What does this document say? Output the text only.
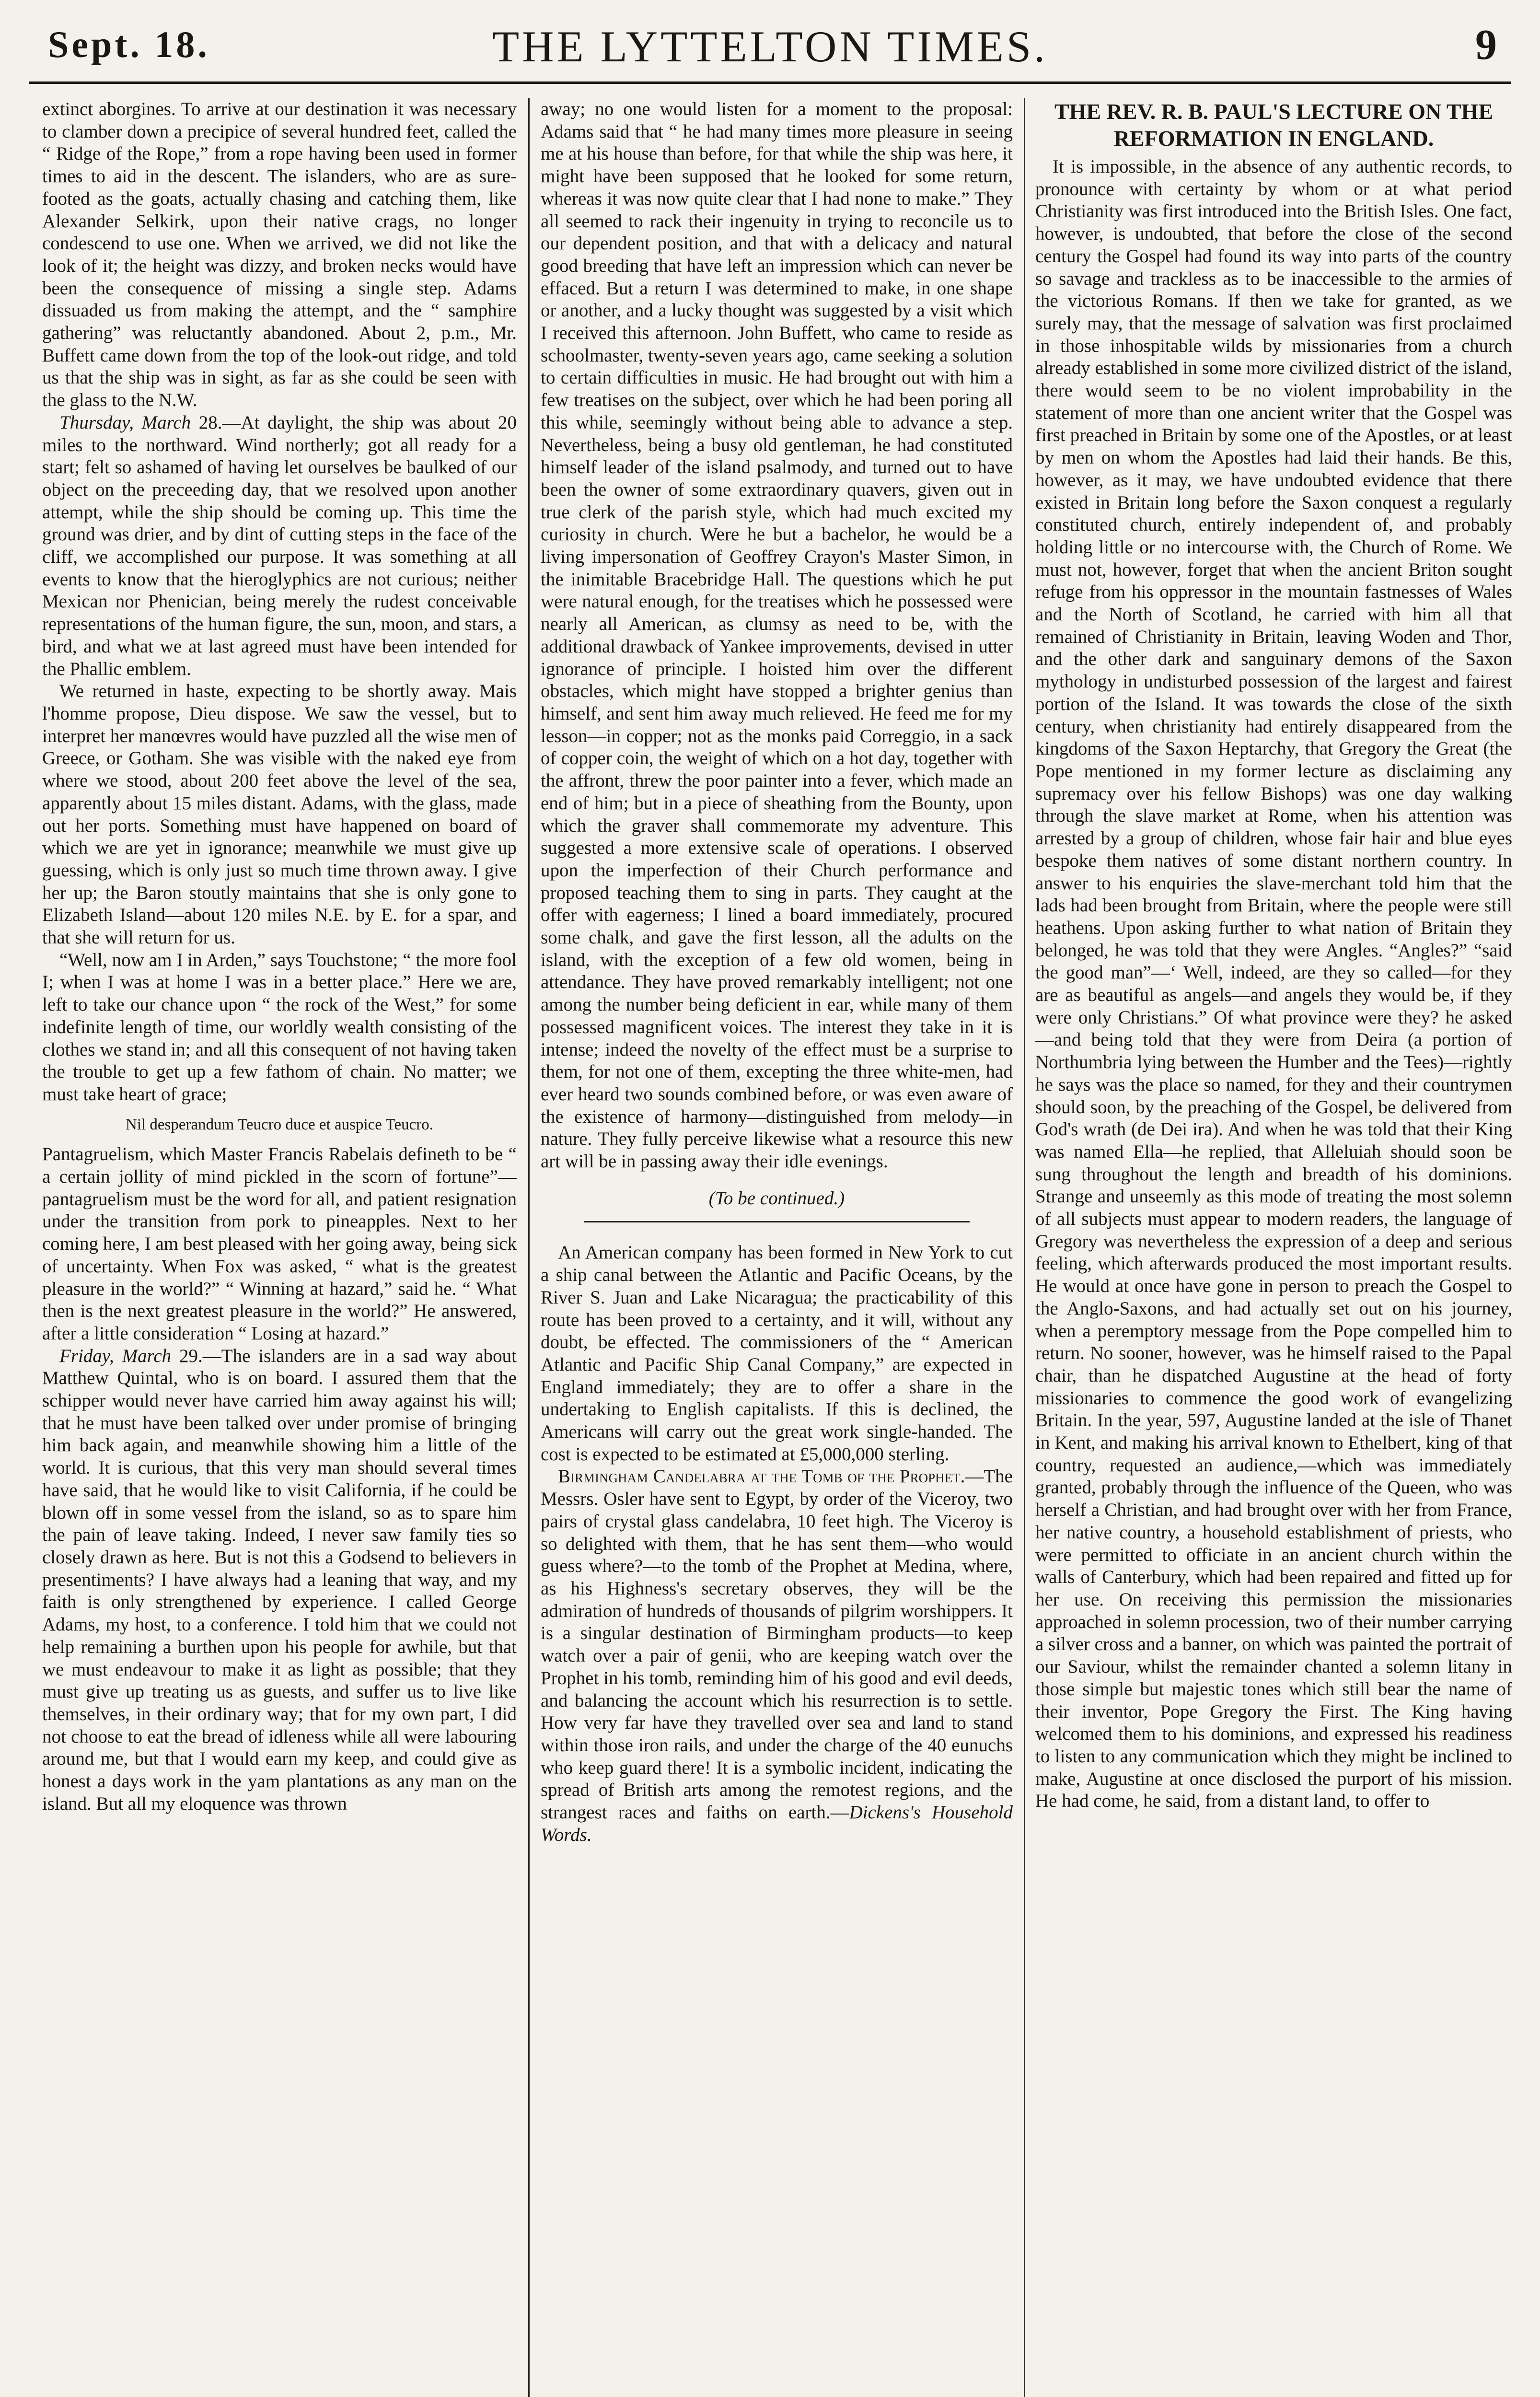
Sept. 18.	THE LYTTELTON TIMES.	9

extinct aborgines. To arrive at our destination it was necessary to clamber down a precipice of several hundred feet, called the “ Ridge of the Rope,” from a rope having been used in former times to aid in the descent. The islanders, who are as sure-footed as the goats, actually chasing and catching them, like Alexander Selkirk, upon their native crags, no longer condescend to use one. When we arrived, we did not like the look of it; the height was dizzy, and broken necks would have been the consequence of missing a single step. Adams dissuaded us from making the attempt, and the “ samphire gathering” was reluctantly abandoned. About 2, p.m., Mr. Buffett came down from the top of the look-out ridge, and told us that the ship was in sight, as far as she could be seen with the glass to the N.W.

Thursday, March 28.—At daylight, the ship was about 20 miles to the northward. Wind northerly; got all ready for a start; felt so ashamed of having let ourselves be baulked of our object on the preceeding day, that we resolved upon another attempt, while the ship should be coming up. This time the ground was drier, and by dint of cutting steps in the face of the cliff, we accomplished our purpose. It was something at all events to know that the hieroglyphics are not curious; neither Mexican nor Phenician, being merely the rudest conceivable representations of the human figure, the sun, moon, and stars, a bird, and what we at last agreed must have been intended for the Phallic emblem.

We returned in haste, expecting to be shortly away. Mais l'homme propose, Dieu dispose. We saw the vessel, but to interpret her manœvres would have puzzled all the wise men of Greece, or Gotham. She was visible with the naked eye from where we stood, about 200 feet above the level of the sea, apparently about 15 miles distant. Adams, with the glass, made out her ports. Something must have happened on board of which we are yet in ignorance; meanwhile we must give up guessing, which is only just so much time thrown away. I give her up; the Baron stoutly maintains that she is only gone to Elizabeth Island—about 120 miles N.E. by E. for a spar, and that she will return for us.

“Well, now am I in Arden,” says Touchstone; “ the more fool I; when I was at home I was in a better place.” Here we are, left to take our chance upon “ the rock of the West,” for some indefinite length of time, our worldly wealth consisting of the clothes we stand in; and all this consequent of not having taken the trouble to get up a few fathom of chain. No matter; we must take heart of grace;

Nil desperandum Teucro duce et auspice Teucro.

Pantagruelism, which Master Francis Rabelais defineth to be “ a certain jollity of mind pickled in the scorn of fortune”—pantagruelism must be the word for all, and patient resignation under the transition from pork to pineapples. Next to her coming here, I am best pleased with her going away, being sick of uncertainty. When Fox was asked, “ what is the greatest pleasure in the world?” “ Winning at hazard,” said he. “ What then is the next greatest pleasure in the world?” He answered, after a little consideration “ Losing at hazard.”

Friday, March 29.—The islanders are in a sad way about Matthew Quintal, who is on board. I assured them that the schipper would never have carried him away against his will; that he must have been talked over under promise of bringing him back again, and meanwhile showing him a little of the world. It is curious, that this very man should several times have said, that he would like to visit California, if he could be blown off in some vessel from the island, so as to spare him the pain of leave taking. Indeed, I never saw family ties so closely drawn as here. But is not this a Godsend to believers in presentiments? I have always had a leaning that way, and my faith is only strengthened by experience. I called George Adams, my host, to a conference. I told him that we could not help remaining a burthen upon his people for awhile, but that we must endeavour to make it as light as possible; that they must give up treating us as guests, and suffer us to live like themselves, in their ordinary way; that for my own part, I did not choose to eat the bread of idleness while all were labouring around me, but that I would earn my keep, and could give as honest a days work in the yam plantations as any man on the island. But all my eloquence was thrown

away; no one would listen for a moment to the proposal: Adams said that “ he had many times more pleasure in seeing me at his house than before, for that while the ship was here, it might have been supposed that he looked for some return, whereas it was now quite clear that I had none to make.” They all seemed to rack their ingenuity in trying to reconcile us to our dependent position, and that with a delicacy and natural good breeding that have left an impression which can never be effaced. But a return I was determined to make, in one shape or another, and a lucky thought was suggested by a visit which I received this afternoon. John Buffett, who came to reside as schoolmaster, twenty-seven years ago, came seeking a solution to certain difficulties in music. He had brought out with him a few treatises on the subject, over which he had been poring all this while, seemingly without being able to advance a step. Nevertheless, being a busy old gentleman, he had constituted himself leader of the island psalmody, and turned out to have been the owner of some extraordinary quavers, given out in true clerk of the parish style, which had much excited my curiosity in church. Were he but a bachelor, he would be a living impersonation of Geoffrey Crayon's Master Simon, in the inimitable Bracebridge Hall. The questions which he put were natural enough, for the treatises which he possessed were nearly all American, as clumsy as need to be, with the additional drawback of Yankee improvements, devised in utter ignorance of principle. I hoisted him over the different obstacles, which might have stopped a brighter genius than himself, and sent him away much relieved. He feed me for my lesson—in copper; not as the monks paid Correggio, in a sack of copper coin, the weight of which on a hot day, together with the affront, threw the poor painter into a fever, which made an end of him; but in a piece of sheathing from the Bounty, upon which the graver shall commemorate my adventure. This suggested a more extensive scale of operations. I observed upon the imperfection of their Church performance and proposed teaching them to sing in parts. They caught at the offer with eagerness; I lined a board immediately, procured some chalk, and gave the first lesson, all the adults on the island, with the exception of a few old women, being in attendance. They have proved remarkably intelligent; not one among the number being deficient in ear, while many of them possessed magnificent voices. The interest they take in it is intense; indeed the novelty of the effect must be a surprise to them, for not one of them, excepting the three white-men, had ever heard two sounds combined before, or was even aware of the existence of harmony—distinguished from melody—in nature. They fully perceive likewise what a resource this new art will be in passing away their idle evenings.

(To be continued.)

An American company has been formed in New York to cut a ship canal between the Atlantic and Pacific Oceans, by the River S. Juan and Lake Nicaragua; the practicability of this route has been proved to a certainty, and it will, without any doubt, be effected. The commissioners of the “ American Atlantic and Pacific Ship Canal Company,” are expected in England immediately; they are to offer a share in the undertaking to English capitalists. If this is declined, the Americans will carry out the great work single-handed. The cost is expected to be estimated at £5,000,000 sterling.

Birmingham Candelabra at the Tomb of the Prophet.—The Messrs. Osler have sent to Egypt, by order of the Viceroy, two pairs of crystal glass candelabra, 10 feet high. The Viceroy is so delighted with them, that he has sent them—who would guess where?—to the tomb of the Prophet at Medina, where, as his Highness's secretary observes, they will be the admiration of hundreds of thousands of pilgrim worshippers. It is a singular destination of Birmingham products—to keep watch over a pair of genii, who are keeping watch over the Prophet in his tomb, reminding him of his good and evil deeds, and balancing the account which his resurrection is to settle. How very far have they travelled over sea and land to stand within those iron rails, and under the charge of the 40 eunuchs who keep guard there! It is a symbolic incident, indicating the spread of British arts among the remotest regions, and the strangest races and faiths on earth.—Dickens's Household Words.

THE REV. R. B. PAUL'S LECTURE ON THE REFORMATION IN ENGLAND.

It is impossible, in the absence of any authentic records, to pronounce with certainty by whom or at what period Christianity was first introduced into the British Isles. One fact, however, is undoubted, that before the close of the second century the Gospel had found its way into parts of the country so savage and trackless as to be inaccessible to the armies of the victorious Romans. If then we take for granted, as we surely may, that the message of salvation was first proclaimed in those inhospitable wilds by missionaries from a church already established in some more civilized district of the island, there would seem to be no violent improbability in the statement of more than one ancient writer that the Gospel was first preached in Britain by some one of the Apostles, or at least by men on whom the Apostles had laid their hands. Be this, however, as it may, we have undoubted evidence that there existed in Britain long before the Saxon conquest a regularly constituted church, entirely independent of, and probably holding little or no intercourse with, the Church of Rome. We must not, however, forget that when the ancient Briton sought refuge from his oppressor in the mountain fastnesses of Wales and the North of Scotland, he carried with him all that remained of Christianity in Britain, leaving Woden and Thor, and the other dark and sanguinary demons of the Saxon mythology in undisturbed possession of the largest and fairest portion of the Island. It was towards the close of the sixth century, when christianity had entirely disappeared from the kingdoms of the Saxon Heptarchy, that Gregory the Great (the Pope mentioned in my former lecture as disclaiming any supremacy over his fellow Bishops) was one day walking through the slave market at Rome, when his attention was arrested by a group of children, whose fair hair and blue eyes bespoke them natives of some distant northern country. In answer to his enquiries the slave-merchant told him that the lads had been brought from Britain, where the people were still heathens. Upon asking further to what nation of Britain they belonged, he was told that they were Angles. “Angles?” “said the good man”—‘ Well, indeed, are they so called—for they are as beautiful as angels—and angels they would be, if they were only Christians.” Of what province were they? he asked—and being told that they were from Deira (a portion of Northumbria lying between the Humber and the Tees)—rightly he says was the place so named, for they and their countrymen should soon, by the preaching of the Gospel, be delivered from God's wrath (de Dei ira). And when he was told that their King was named Ella—he replied, that Alleluiah should soon be sung throughout the length and breadth of his dominions. Strange and unseemly as this mode of treating the most solemn of all subjects must appear to modern readers, the language of Gregory was nevertheless the expression of a deep and serious feeling, which afterwards produced the most important results. He would at once have gone in person to preach the Gospel to the Anglo-Saxons, and had actually set out on his journey, when a peremptory message from the Pope compelled him to return. No sooner, however, was he himself raised to the Papal chair, than he dispatched Augustine at the head of forty missionaries to commence the good work of evangelizing Britain. In the year, 597, Augustine landed at the isle of Thanet in Kent, and making his arrival known to Ethelbert, king of that country, requested an audience,—which was immediately granted, probably through the influence of the Queen, who was herself a Christian, and had brought over with her from France, her native country, a household establishment of priests, who were permitted to officiate in an ancient church within the walls of Canterbury, which had been repaired and fitted up for her use. On receiving this permission the missionaries approached in solemn procession, two of their number carrying a silver cross and a banner, on which was painted the portrait of our Saviour, whilst the remainder chanted a solemn litany in those simple but majestic tones which still bear the name of their inventor, Pope Gregory the First. The King having welcomed them to his dominions, and expressed his readiness to listen to any communication which they might be inclined to make, Augustine at once disclosed the purport of his mission. He had come, he said, from a distant land, to offer to
